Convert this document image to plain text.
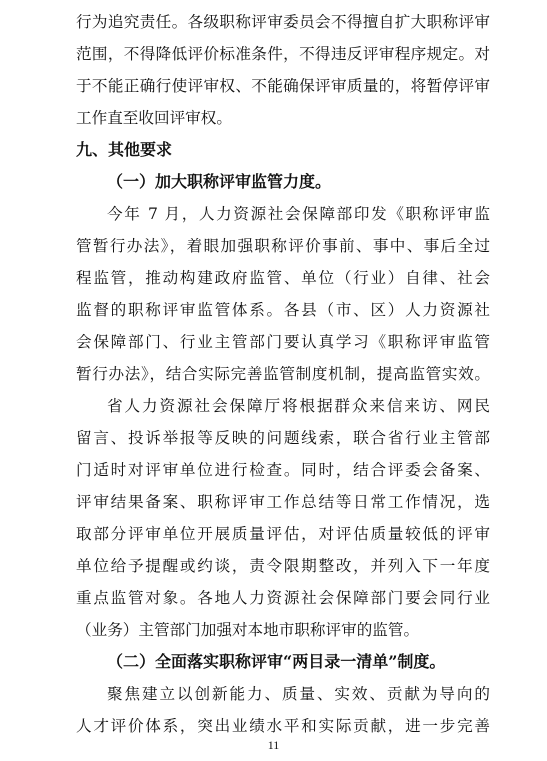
行为追究责任。各级职称评审委员会不得擅自扩大职称评审
范围，不得降低评价标准条件，不得违反评审程序规定。对
于不能正确行使评审权、不能确保评审质量的，将暂停评审
工作直至收回评审权。
九、其他要求
（一）加大职称评审监管力度。
今年 7 月，人力资源社会保障部印发《职称评审监
管暂行办法》，着眼加强职称评价事前、事中、事后全过
程监管，推动构建政府监管、单位（行业）自律、社会
监督的职称评审监管体系。各县（市、区）人力资源社
会保障部门、行业主管部门要认真学习《职称评审监管
暂行办法》，结合实际完善监管制度机制，提高监管实效。
省人力资源社会保障厅将根据群众来信来访、网民
留言、投诉举报等反映的问题线索，联合省行业主管部
门适时对评审单位进行检查。同时，结合评委会备案、
评审结果备案、职称评审工作总结等日常工作情况，选
取部分评审单位开展质量评估，对评估质量较低的评审
单位给予提醒或约谈，责令限期整改，并列入下一年度
重点监管对象。各地人力资源社会保障部门要会同行业
（业务）主管部门加强对本地市职称评审的监管。
（二）全面落实职称评审“两目录一清单”制度。
聚焦建立以创新能力、质量、实效、贡献为导向的
人才评价体系，突出业绩水平和实际贡献，进一步完善
11
